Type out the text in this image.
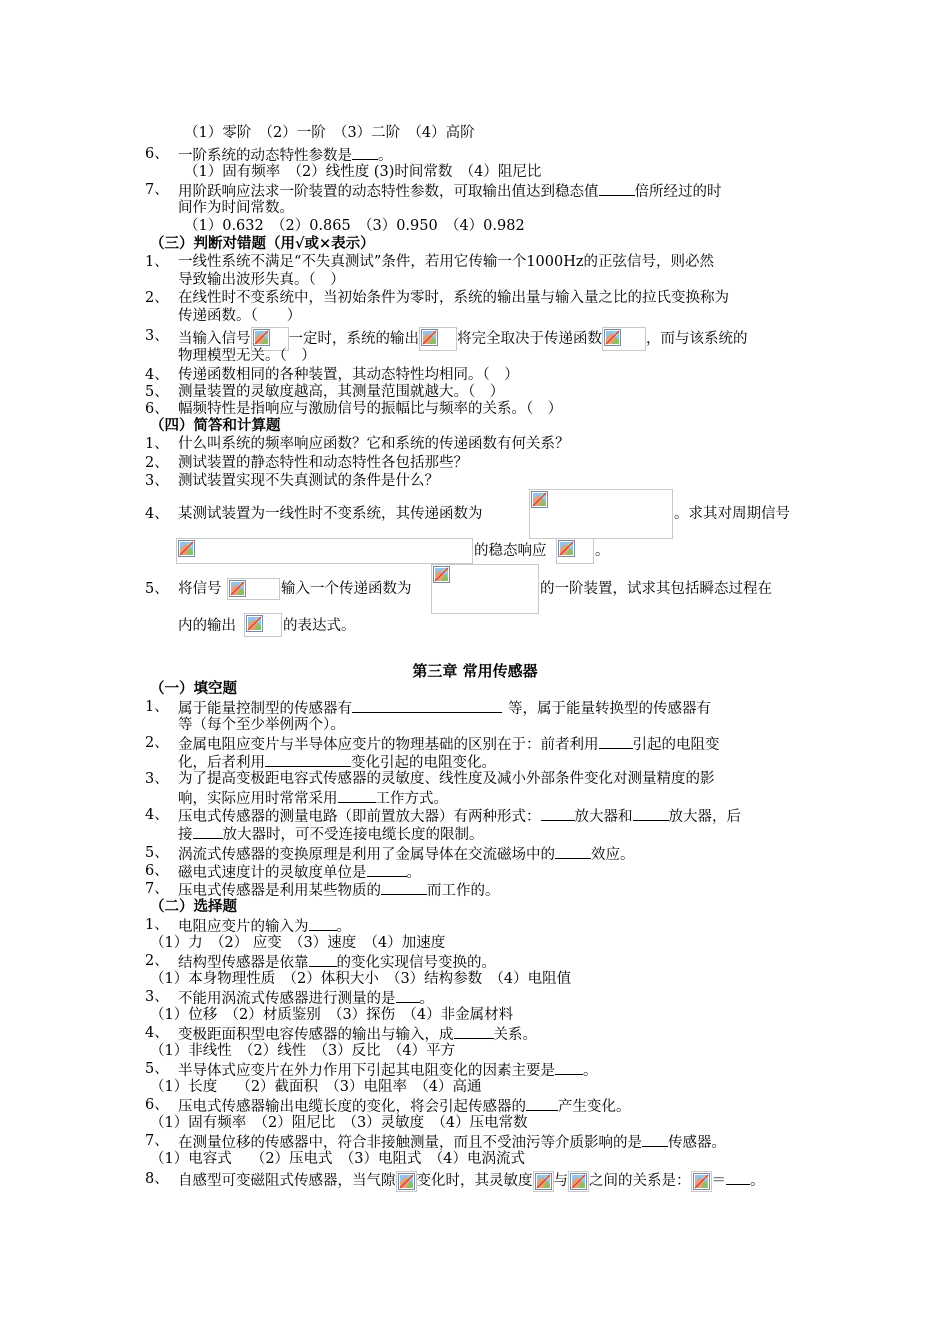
（1）零阶　（2）一阶　（3）二阶　（4）高阶
6、 一阶系统的动态特性参数是 。
（1）固有频率　（2）线性度 (3)时间常数　（4）阻尼比
7、 用阶跃响应法求一阶装置的动态特性参数，可取输出值达到稳态值 倍所经过的时
间作为时间常数。
（1）0.632　（2）0.865　（3）0.950　（4）0.982
（三）判断对错题（用√或×表示）
1、 一线性系统不满足“不失真测试”条件，若用它传输一个1000Hz的正弦信号，则必然
导致输出波形失真。（　）
2、 在线性时不变系统中，当初始条件为零时，系统的输出量与输入量之比的拉氏变换称为
传递函数。（　　）
3、 当输入信号	一定时，系统的输出	将完全取决于传递函数	，而与该系统的
物理模型无关。（　）
4、 传递函数相同的各种装置，其动态特性均相同。（　）
5、 测量装置的灵敏度越高，其测量范围就越大。（　）
6、 幅频特性是指响应与激励信号的振幅比与频率的关系。（　）
（四）简答和计算题
1、 什么叫系统的频率响应函数？它和系统的传递函数有何关系？
2、 测试装置的静态特性和动态特性各包括那些？
3、 测试装置实现不失真测试的条件是什么？
4、 某测试装置为一线性时不变系统，其传递函数为	。求其对周期信号
的稳态响应	。
5、 将信号	输入一个传递函数为	的一阶装置，试求其包括瞬态过程在
内的输出	的表达式。
第三章 常用传感器
（一）填空题
1、 属于能量控制型的传感器有	等，属于能量转换型的传感器有
等（每个至少举例两个）。
2、 金属电阻应变片与半导体应变片的物理基础的区别在于：前者利用 引起的电阻变
化，后者利用	变化引起的电阻变化。
3、 为了提高变极距电容式传感器的灵敏度、线性度及减小外部条件变化对测量精度的影
响，实际应用时常常采用	工作方式。
4、 压电式传感器的测量电路（即前置放大器）有两种形式： 放大器和 放大器，后
接 放大器时，可不受连接电缆长度的限制。
5、 涡流式传感器的变换原理是利用了金属导体在交流磁场中的 效应。
6、 磁电式速度计的灵敏度单位是	。
7、 压电式传感器是利用某些物质的	而工作的。
（二）选择题
1、 电阻应变片的输入为 。
（1）力　（2） 应变　（3）速度　（4）加速度
2、 结构型传感器是依靠 的变化实现信号变换的。
（1）本身物理性质　（2）体积大小　（3）结构参数　（4）电阻值
3、 不能用涡流式传感器进行测量的是 。
（1）位移　（2）材质鉴别　（3）探伤　（4）非金属材料
4、 变极距面积型电容传感器的输出与输入，成	关系。
（1）非线性　（2）线性　（3）反比　（4）平方
5、 半导体式应变片在外力作用下引起其电阻变化的因素主要是 。
（1）长度　 （2）截面积　（3）电阻率　（4）高通
6、 压电式传感器输出电缆长度的变化，将会引起传感器的 产生变化。
（1）固有频率　（2）阻尼比　（3）灵敏度　（4）压电常数
7、 在测量位移的传感器中，符合非接触测量，而且不受油污等介质影响的是 传感器。
（1）电容式　 （2）压电式　（3）电阻式　（4）电涡流式
8、 自感型可变磁阻式传感器，当气隙 变化时，其灵敏度 与 之间的关系是： ＝ 。
